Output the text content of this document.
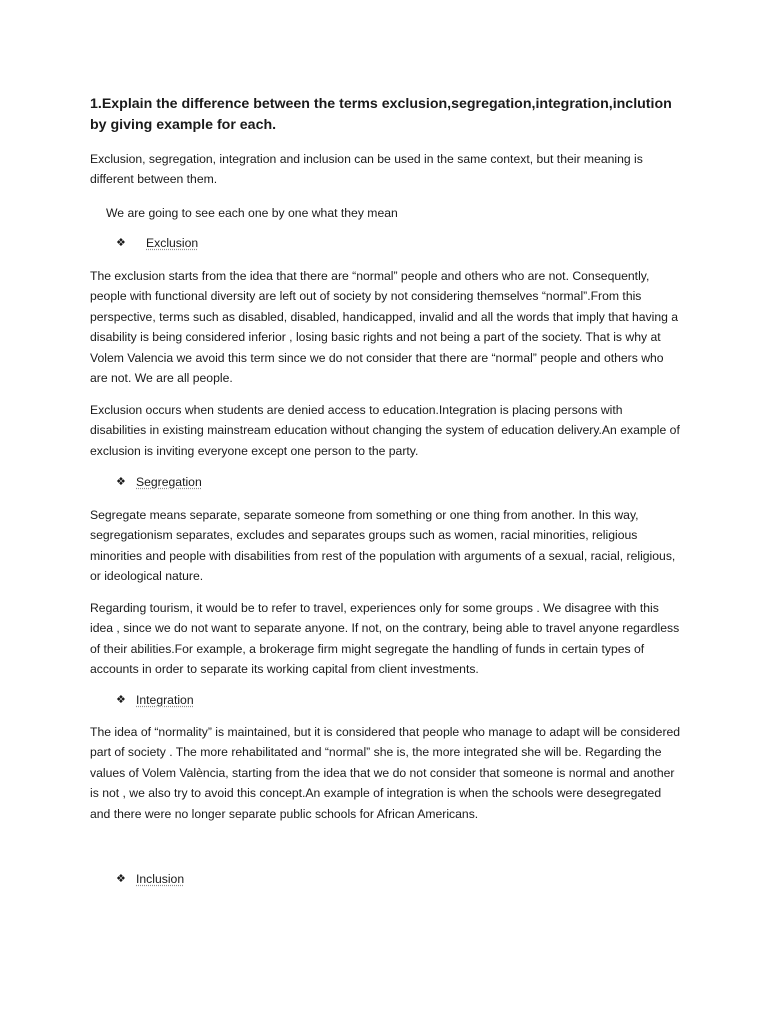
1.Explain the difference between the terms exclusion,segregation,integration,inclution by giving example for each.

Exclusion, segregation, integration and inclusion can be used in the same context, but their meaning is different between them.

We are going to see each one by one what they mean

❖	Exclusion

The exclusion starts from the idea that there are “normal” people and others who are not. Consequently, people with functional diversity are left out of society by not considering themselves “normal”.From this perspective, terms such as disabled, disabled, handicapped, invalid and all the words that imply that having a disability is being considered inferior , losing basic rights and not being a part of the society. That is why at Volem Valencia we avoid this term since we do not consider that there are “normal” people and others who are not. We are all people.

Exclusion occurs when students are denied access to education.Integration is placing persons with disabilities in existing mainstream education without changing the system of education delivery.An example of exclusion is inviting everyone except one person to the party.

❖ Segregation

Segregate means separate, separate someone from something or one thing from another. In this way, segregationism separates, excludes and separates groups such as women, racial minorities, religious minorities and people with disabilities from rest of the population with arguments of a sexual, racial, religious, or ideological nature.

Regarding tourism, it would be to refer to travel, experiences only for some groups . We disagree with this idea , since we do not want to separate anyone. If not, on the contrary, being able to travel anyone regardless of their abilities.For example, a brokerage firm might segregate the handling of funds in certain types of accounts in order to separate its working capital from client investments.

❖ Integration

The idea of “normality” is maintained, but it is considered that people who manage to adapt will be considered part of society . The more rehabilitated and “normal” she is, the more integrated she will be. Regarding the values of Volem València, starting from the idea that we do not consider that someone is normal and another is not , we also try to avoid this concept.An example of integration is when the schools were desegregated and there were no longer separate public schools for African Americans.

❖ Inclusion
